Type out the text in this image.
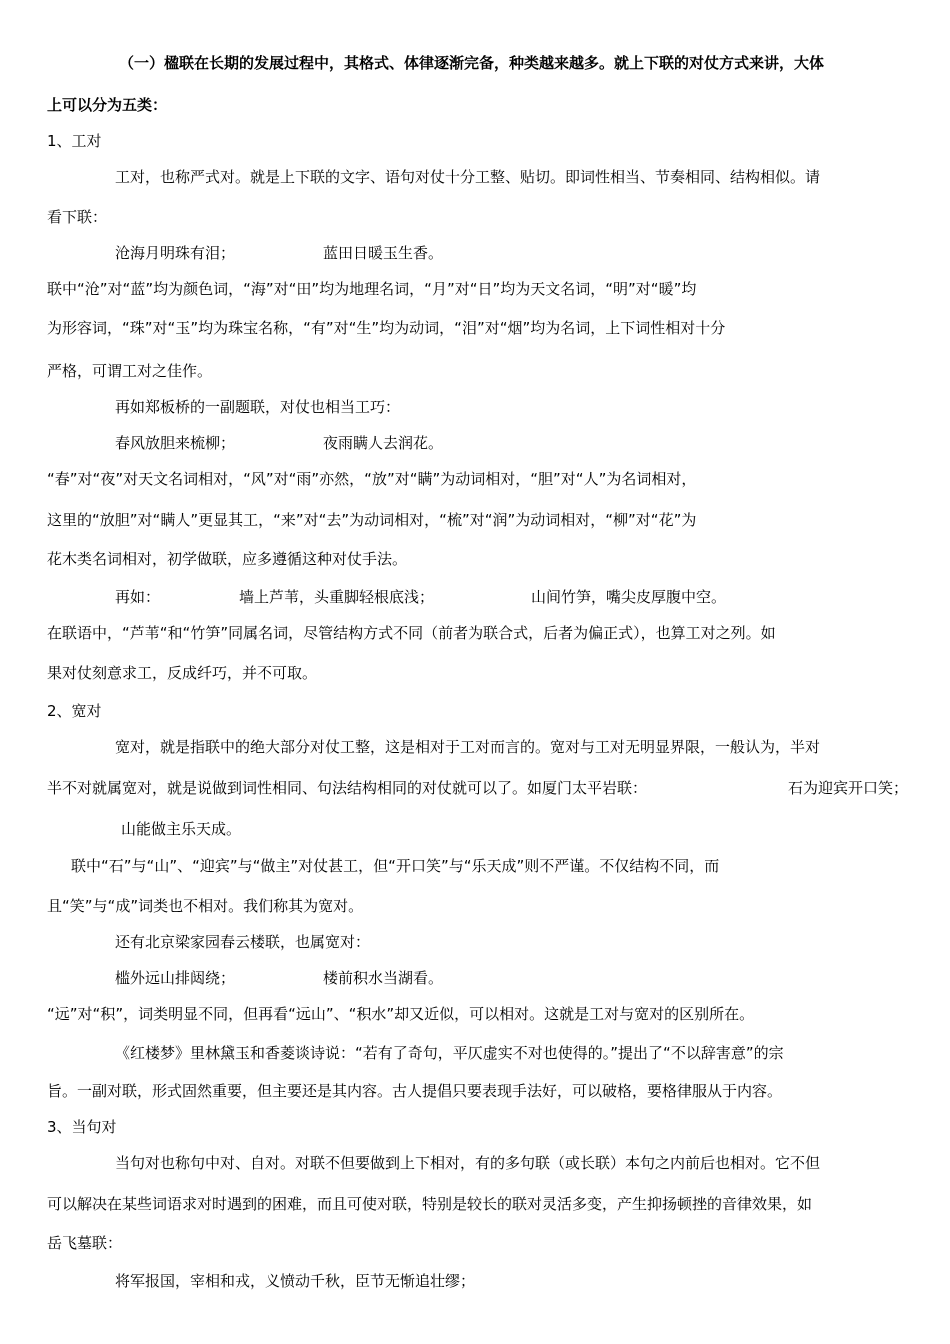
（一）楹联在长期的发展过程中，其格式、体律逐渐完备，种类越来越多。就上下联的对仗方式来讲，大体
上可以分为五类：
1、工对
工对，也称严式对。就是上下联的文字、语句对仗十分工整、贴切。即词性相当、节奏相同、结构相似。请
看下联：
沧海月明珠有泪；	蓝田日暖玉生香。
联中“沧”对“蓝”均为颜色词，“海”对“田”均为地理名词，“月”对“日”均为天文名词，“明”对“暖”均
为形容词，“珠”对“玉”均为珠宝名称，“有”对“生”均为动词，“泪”对“烟”均为名词，上下词性相对十分
严格，可谓工对之佳作。
再如郑板桥的一副题联，对仗也相当工巧：
春风放胆来梳柳；	夜雨瞒人去润花。
“春”对“夜”对天文名词相对，“风”对“雨”亦然，“放”对“瞒”为动词相对，“胆”对“人”为名词相对，
这里的“放胆”对“瞒人”更显其工，“来”对“去”为动词相对，“梳”对“润”为动词相对，“柳”对“花”为
花木类名词相对，初学做联，应多遵循这种对仗手法。
再如：	墙上芦苇，头重脚轻根底浅；	山间竹笋，嘴尖皮厚腹中空。
在联语中，“芦苇“和“竹笋”同属名词，尽管结构方式不同（前者为联合式，后者为偏正式），也算工对之列。如
果对仗刻意求工，反成纤巧，并不可取。
2、宽对
宽对，就是指联中的绝大部分对仗工整，这是相对于工对而言的。宽对与工对无明显界限，一般认为，半对
半不对就属宽对，就是说做到词性相同、句法结构相同的对仗就可以了。如厦门太平岩联：	石为迎宾开口笑；
山能做主乐天成。
联中“石”与“山”、“迎宾”与“做主”对仗甚工，但“开口笑”与“乐天成”则不严谨。不仅结构不同，而
且“笑”与“成”词类也不相对。我们称其为宽对。
还有北京梁家园春云楼联，也属宽对：
槛外远山排闼绕；	楼前积水当湖看。
“远”对“积”，词类明显不同，但再看“远山”、“积水”却又近似，可以相对。这就是工对与宽对的区别所在。
《红楼梦》里林黛玉和香菱谈诗说：“若有了奇句，平仄虚实不对也使得的。”提出了“不以辞害意”的宗
旨。一副对联，形式固然重要，但主要还是其内容。古人提倡只要表现手法好，可以破格，要格律服从于内容。
3、当句对
当句对也称句中对、自对。对联不但要做到上下相对，有的多句联（或长联）本句之内前后也相对。它不但
可以解决在某些词语求对时遇到的困难，而且可使对联，特别是较长的联对灵活多变，产生抑扬顿挫的音律效果，如
岳飞墓联：
将军报国，宰相和戎，义愤动千秋，臣节无惭追壮缪；
